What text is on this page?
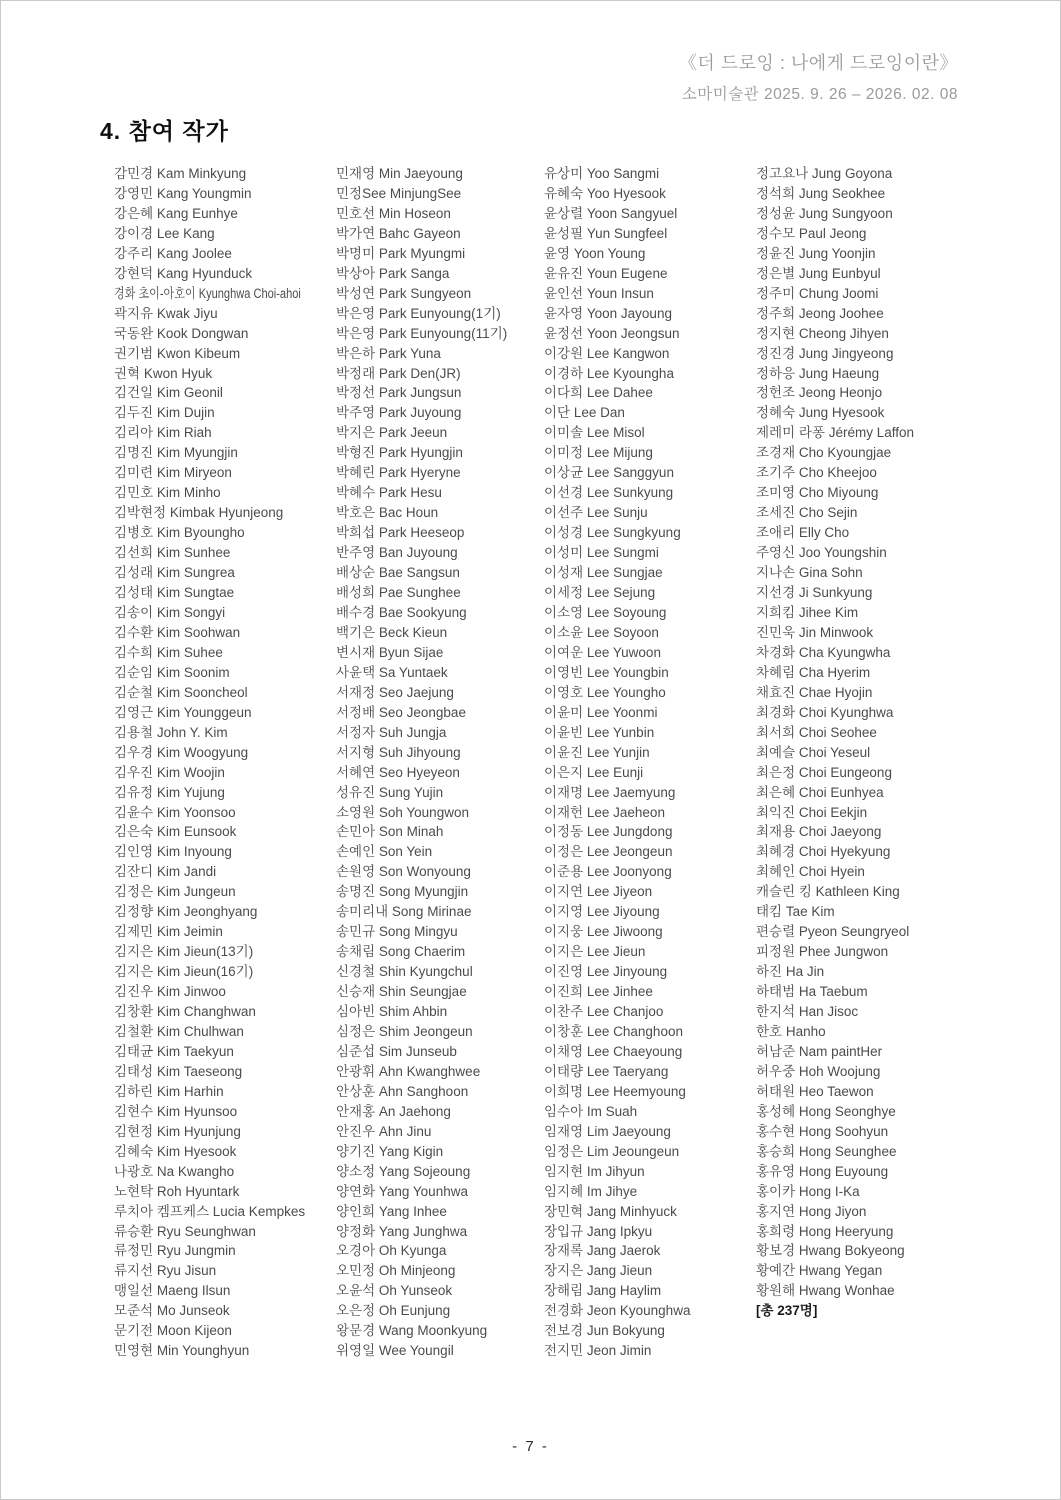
《더 드로잉 : 나에게 드로잉이란》
소마미술관 2025. 9. 26 – 2026. 02. 08
4. 참여 작가
감민경 Kam Minkyung
강영민 Kang Youngmin
강은혜 Kang Eunhye
강이경 Lee Kang
강주리 Kang Joolee
강현덕 Kang Hyunduck
경화 초이-아호이 Kyunghwa Choi-ahoi
곽지유 Kwak Jiyu
국동완 Kook Dongwan
권기범 Kwon Kibeum
권혁 Kwon Hyuk
김건일 Kim Geonil
김두진 Kim Dujin
김리아 Kim Riah
김명진 Kim Myungjin
김미련 Kim Miryeon
김민호 Kim Minho
김박현정 Kimbak Hyunjeong
김병호 Kim Byoungho
김선희 Kim Sunhee
김성래 Kim Sungrea
김성태 Kim Sungtae
김송이 Kim Songyi
김수환 Kim Soohwan
김수희 Kim Suhee
김순임 Kim Soonim
김순철 Kim Sooncheol
김영근 Kim Younggeun
김용철 John Y. Kim
김우경 Kim Woogyung
김우진 Kim Woojin
김유정 Kim Yujung
김윤수 Kim Yoonsoo
김은숙 Kim Eunsook
김인영 Kim Inyoung
김잔디 Kim Jandi
김정은 Kim Jungeun
김정향 Kim Jeonghyang
김제민 Kim Jeimin
김지은 Kim Jieun(13기)
김지은 Kim Jieun(16기)
김진우 Kim Jinwoo
김창환 Kim Changhwan
김철환 Kim Chulhwan
김태균 Kim Taekyun
김태성 Kim Taeseong
김하린 Kim Harhin
김현수 Kim Hyunsoo
김현정 Kim Hyunjung
김혜숙 Kim Hyesook
나광호 Na Kwangho
노현탁 Roh Hyuntark
루치아 켐프케스 Lucia Kempkes
류승환 Ryu Seunghwan
류정민 Ryu Jungmin
류지선 Ryu Jisun
맹일선 Maeng Ilsun
모준석 Mo Junseok
문기전 Moon Kijeon
민영현 Min Younghyun
민재영 Min Jaeyoung
민정See MinjungSee
민호선 Min Hoseon
박가연 Bahc Gayeon
박명미 Park Myungmi
박상아 Park Sanga
박성연 Park Sungyeon
박은영 Park Eunyoung(1기)
박은영 Park Eunyoung(11기)
박은하 Park Yuna
박정래 Park Den(JR)
박정선 Park Jungsun
박주영 Park Juyoung
박지은 Park Jeeun
박형진 Park Hyungjin
박혜린 Park Hyeryne
박혜수 Park Hesu
박호은 Bac Houn
박희섭 Park Heeseop
반주영 Ban Juyoung
배상순 Bae Sangsun
배성희 Pae Sunghee
배수경 Bae Sookyung
백기은 Beck Kieun
변시재 Byun Sijae
사윤택 Sa Yuntaek
서재정 Seo Jaejung
서정배 Seo Jeongbae
서정자 Suh Jungja
서지형 Suh Jihyoung
서혜연 Seo Hyeyeon
성유진 Sung Yujin
소영원 Soh Youngwon
손민아 Son Minah
손예인 Son Yein
손원영 Son Wonyoung
송명진 Song Myungjin
송미리내 Song Mirinae
송민규 Song Mingyu
송채림 Song Chaerim
신경철 Shin Kyungchul
신승재 Shin Seungjae
심아빈 Shim Ahbin
심정은 Shim Jeongeun
심준섭 Sim Junseub
안광휘 Ahn Kwanghwee
안상훈 Ahn Sanghoon
안재홍 An Jaehong
안진우 Ahn Jinu
양기진 Yang Kigin
양소정 Yang Sojeoung
양연화 Yang Younhwa
양인희 Yang Inhee
양정화 Yang Junghwa
오경아 Oh Kyunga
오민정 Oh Minjeong
오윤석 Oh Yunseok
오은정 Oh Eunjung
왕문경 Wang Moonkyung
위영일 Wee Youngil
유상미 Yoo Sangmi
유혜숙 Yoo Hyesook
윤상렬 Yoon Sangyuel
윤성필 Yun Sungfeel
윤영 Yoon Young
윤유진 Youn Eugene
윤인선 Youn Insun
윤자영 Yoon Jayoung
윤정선 Yoon Jeongsun
이강원 Lee Kangwon
이경하 Lee Kyoungha
이다희 Lee Dahee
이단 Lee Dan
이미솔 Lee Misol
이미정 Lee Mijung
이상균 Lee Sanggyun
이선경 Lee Sunkyung
이선주 Lee Sunju
이성경 Lee Sungkyung
이성미 Lee Sungmi
이성재 Lee Sungjae
이세정 Lee Sejung
이소영 Lee Soyoung
이소윤 Lee Soyoon
이여운 Lee Yuwoon
이영빈 Lee Youngbin
이영호 Lee Youngho
이윤미 Lee Yoonmi
이윤빈 Lee Yunbin
이윤진 Lee Yunjin
이은지 Lee Eunji
이재명 Lee Jaemyung
이재헌 Lee Jaeheon
이정동 Lee Jungdong
이정은 Lee Jeongeun
이준용 Lee Joonyong
이지연 Lee Jiyeon
이지영 Lee Jiyoung
이지웅 Lee Jiwoong
이지은 Lee Jieun
이진영 Lee Jinyoung
이진희 Lee Jinhee
이찬주 Lee Chanjoo
이창훈 Lee Changhoon
이채영 Lee Chaeyoung
이태량 Lee Taeryang
이희명 Lee Heemyoung
임수아 Im Suah
임재영 Lim Jaeyoung
임정은 Lim Jeoungeun
임지현 Im Jihyun
임지혜 Im Jihye
장민혁 Jang Minhyuck
장입규 Jang Ipkyu
장재록 Jang Jaerok
장지은 Jang Jieun
장해림 Jang Haylim
전경화 Jeon Kyounghwa
전보경 Jun Bokyung
전지민 Jeon Jimin
정고요나 Jung Goyona
정석희 Jung Seokhee
정성윤 Jung Sungyoon
정수모 Paul Jeong
정윤진 Jung Yoonjin
정은별 Jung Eunbyul
정주미 Chung Joomi
정주희 Jeong Joohee
정지현 Cheong Jihyen
정진경 Jung Jingyeong
정하응 Jung Haeung
정헌조 Jeong Heonjo
정혜숙 Jung Hyesook
제레미 라퐁 Jérémy Laffon
조경재 Cho Kyoungjae
조기주 Cho Kheejoo
조미영 Cho Miyoung
조세진 Cho Sejin
조애리 Elly Cho
주영신 Joo Youngshin
지나손 Gina Sohn
지선경 Ji Sunkyung
지희킴 Jihee Kim
진민욱 Jin Minwook
차경화 Cha Kyungwha
차혜림 Cha Hyerim
채효진 Chae Hyojin
최경화 Choi Kyunghwa
최서희 Choi Seohee
최예슬 Choi Yeseul
최은정 Choi Eungeong
최은혜 Choi Eunhyea
최익진 Choi Eekjin
최재용 Choi Jaeyong
최혜경 Choi Hyekyung
최혜인 Choi Hyein
캐슬린 킹 Kathleen King
태킴 Tae Kim
편승렬 Pyeon Seungryeol
피정원 Phee Jungwon
하진 Ha Jin
하태범 Ha Taebum
한지석 Han Jisoc
한호 Hanho
허남준 Nam paintHer
허우중 Hoh Woojung
허태원 Heo Taewon
홍성혜 Hong Seonghye
홍수현 Hong Soohyun
홍승희 Hong Seunghee
홍유영 Hong Euyoung
홍이카 Hong I-Ka
홍지연 Hong Jiyon
홍희령 Hong Heeryung
황보경 Hwang Bokyeong
황예간 Hwang Yegan
황원해 Hwang Wonhae
[총 237명]
- 7 -
